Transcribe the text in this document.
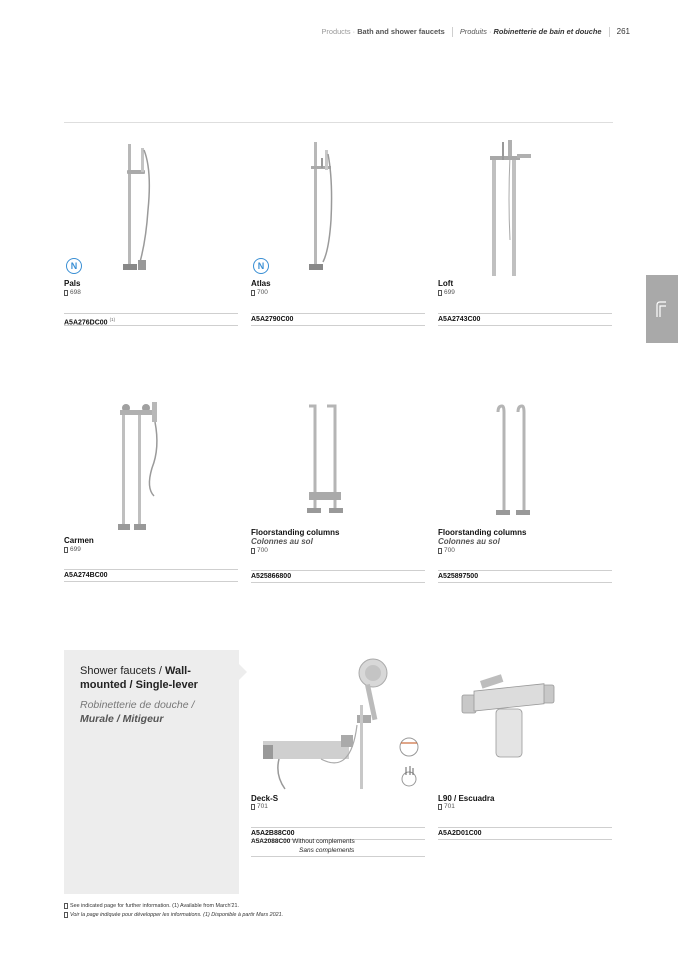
Products · Bath and shower faucets Produits · Robinetterie de bain et douche 261
N
Pals
698
A5A276DC00 $^{(1)}$
N
Atlas
700
A5A2790C00
Loft
699
A5A2743C00
Carmen
699
A5A274BC00
Floorstanding columns
Colonnes au sol
700
A525866800
Floorstanding columns
Colonnes au sol
700
A525897500
Shower faucets / Wall-
mounted / Single-lever
Robinetterie de douche /
Murale / Mitigeur
Deck-S
701
A5A2B88C00
A5A2088C00 Without complements
Sans complements
L90 / Escuadra
701
A5A2D01C00
See indicated page for further information. (1) Available from March'21.
Voir la page indiquée pour développer les informations. (1) Disponible à partir Mars 2021.
